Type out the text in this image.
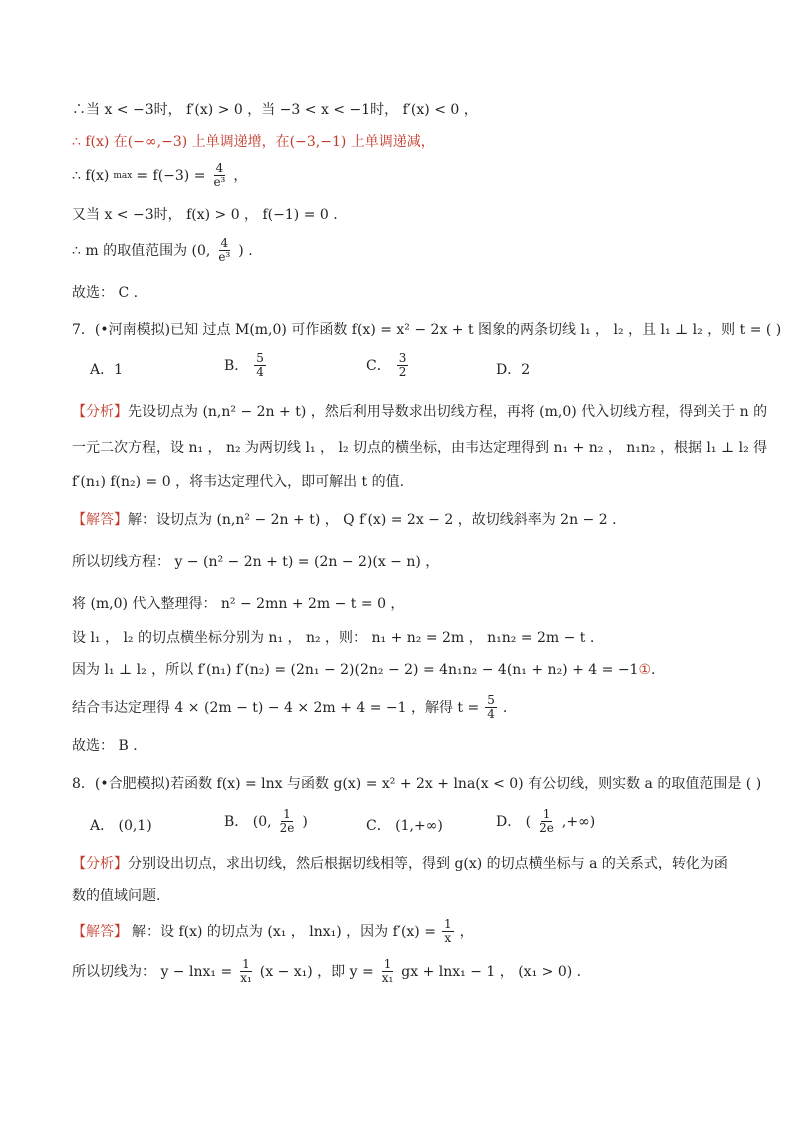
∴当 x < −3时， f′(x) > 0 ，当 −3 < x < −1时， f′(x) < 0 ，
∴ f(x) 在(−∞,−3) 上单调递增，在(−3,−1) 上单调递减，
∴ f(x) $\max = f(-3) = \frac{4}{\text{e³}}$ ，
又当 x < −3时， f(x) > 0 ， f(−1) = 0 .
∴ m 的取值范围为 (0, $\frac{4}{\text{e³}}$ ) .
故选： C .
7．(•河南模拟)已知 过点 M(m,0) 可作函数 f(x) = x² − 2x + t 图象的两条切线 l₁ ， l₂ ，且 l₁ ⊥ l₂ ，则 t = ( )
A．1	B． $\frac{5}{4}$	C． $\frac{3}{2}$	D．2
【分析】先设切点为 (n,n² − 2n + t) ，然后利用导数求出切线方程，再将 (m,0) 代入切线方程，得到关于 n 的
一元二次方程，设 n₁ ， n₂ 为两切线 l₁ ， l₂ 切点的横坐标，由韦达定理得到 n₁ + n₂ ， n₁n₂ ，根据 l₁ ⊥ l₂ 得
f′(n₁) f(n₂) = 0 ，将韦达定理代入，即可解出 t 的值.
【解答】解：设切点为 (n,n² − 2n + t) ， Q f′(x) = 2x − 2 ，故切线斜率为 2n − 2 .
所以切线方程： y − (n² − 2n + t) = (2n − 2)(x − n) ，
将 (m,0) 代入整理得： n² − 2mn + 2m − t = 0 ，
设 l₁ ， l₂ 的切点横坐标分别为 n₁ ， n₂ ，则： n₁ + n₂ = 2m ， n₁n₂ = 2m − t .
因为 l₁ ⊥ l₂ ，所以 f′(n₁) f′(n₂) = (2n₁ − 2)(2n₂ − 2) = 4n₁n₂ − 4(n₁ + n₂) + 4 = −1①.
结合韦达定理得 4 × (2m − t) − 4 × 2m + 4 = −1 ，解得 $t = \frac{5}{4}$ .
故选： B .
8．(•合肥模拟)若函数 f(x) = lnx 与函数 g(x) = x² + 2x + lna(x < 0) 有公切线，则实数 a 的取值范围是 ( )
A． (0,1)	B． (0, $\frac{1}{2e}$ )	C． (1,+∞)	D． ( $\frac{1}{2e}$ ,+∞)
【分析】分别设出切点，求出切线，然后根据切线相等，得到 g(x) 的切点横坐标与 a 的关系式，转化为函
数的值域问题.
【解答】 解：设 f(x) 的切点为 (x₁ ， lnx₁) ，因为 $f'(x) = \frac{1}{x}$ ，
所以切线为： $y - \ln x_1 = \frac{1}{\text{x₁}} (x - x_1)$ ，即 $y = \frac{1}{\text{x₁}}$ gx + lnx₁ − 1 ， (x₁ > 0) .
